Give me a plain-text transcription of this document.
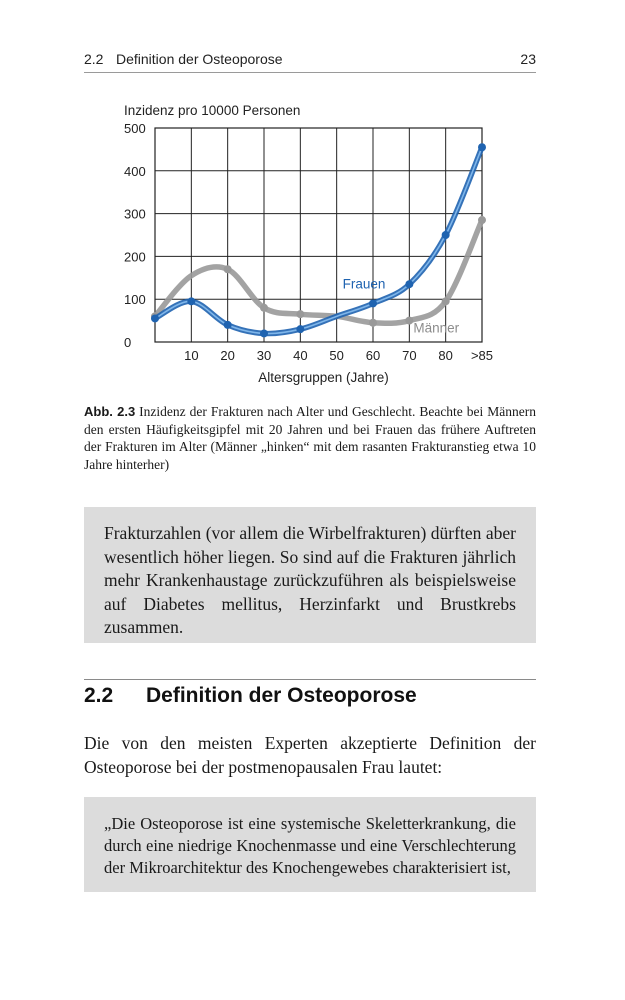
2.2 Definition der Osteoporose	23
0
100
200
300
400
500
10 20 30 40 50 60 70 80 >85
Inzidenz pro 10000 Personen
Altersgruppen (Jahre)
Frauen
Männer
Abb. 2.3 Inzidenz der Frakturen nach Alter und Geschlecht. Beachte bei Männern den ersten Häufigkeitsgipfel mit 20 Jahren und bei Frauen das frühere Auftreten der Frakturen im Alter (Männer „hinken“ mit dem rasanten Frakturanstieg etwa 10 Jahre hinterher)
Frakturzahlen (vor allem die Wirbelfrakturen) dürften aber wesentlich höher liegen. So sind auf die Frakturen jährlich mehr Krankenhaustage zurückzuführen als beispielsweise auf Diabetes mellitus, Herzinfarkt und Brustkrebs zusammen.
2.2 Definition der Osteoporose
Die von den meisten Experten akzeptierte Definition der Osteoporose bei der postmenopausalen Frau lautet:
„Die Osteoporose ist eine systemische Skeletterkrankung, die durch eine niedrige Knochenmasse und eine Verschlechterung der Mikroarchitektur des Knochengewebes charakterisiert ist,
